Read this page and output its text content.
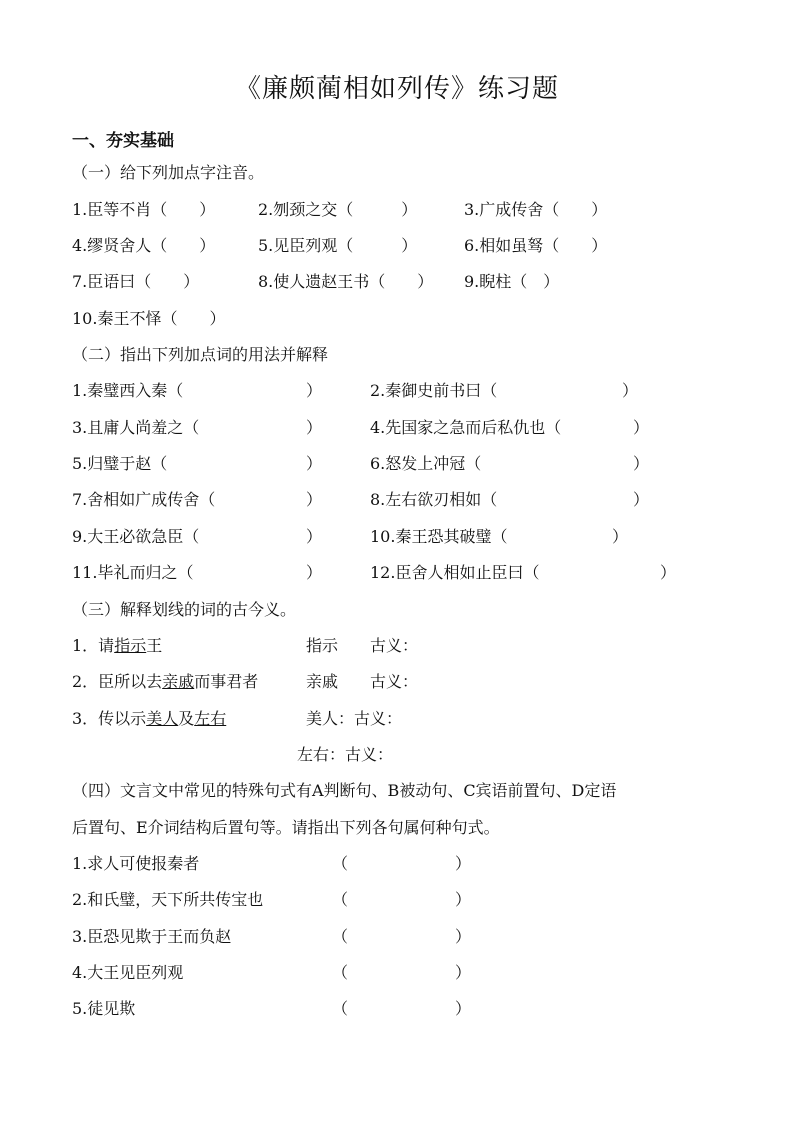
《廉颇蔺相如列传》练习题
一、夯实基础
（一）给下列加点字注音。
1.臣等不肖（　　）	2.刎颈之交（　　　）	3.广成传舍（　　）
4.缪贤舍人（　　）	5.见臣列观（　　　）	6.相如虽驽（　　）
7.臣语曰（　　）	8.使人遗赵王书（　　） 9.睨柱（　）
10.秦王不怿（　　）
（二）指出下列加点词的用法并解释
1.秦璧西入秦（	）	2.秦御史前书曰（	）
3.且庸人尚羞之（	）	4.先国家之急而后私仇也（	）
5.归璧于赵（	）	6.怒发上冲冠（	）
7.舍相如广成传舍（	）	8.左右欲刃相如（	）
9.大王必欲急臣（	）	10.秦王恐其破璧（	）
11.毕礼而归之（	）	12.臣舍人相如止臣曰（	）
（三）解释划线的词的古今义。
1．请指示王	指示 古义：
2．臣所以去亲戚而事君者	亲戚 古义：
3．传以示美人及左右	美人：古义：
左右：古义：
（四）文言文中常见的特殊句式有A判断句、B被动句、C宾语前置句、D定语
后置句、E介词结构后置句等。请指出下列各句属何种句式。
1.求人可使报秦者	（	）
2.和氏璧，天下所共传宝也	（	）
3.臣恐见欺于王而负赵	（	）
4.大王见臣列观	（	）
5.徒见欺	（	）
